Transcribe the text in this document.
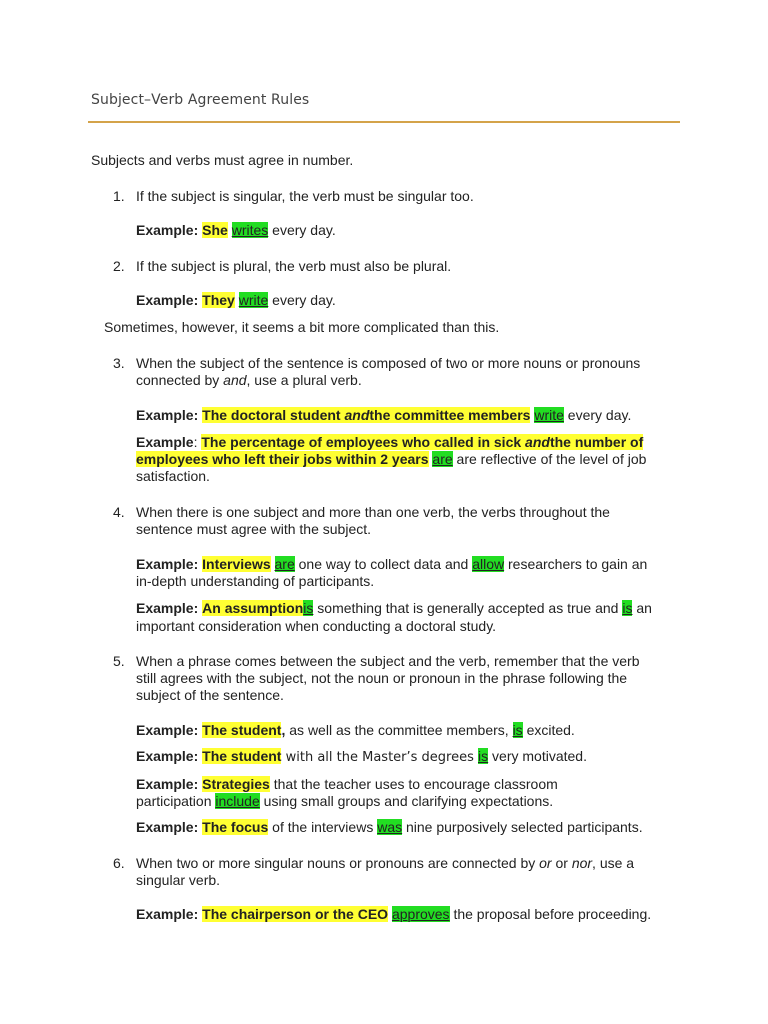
Subject–Verb Agreement Rules
Subjects and verbs must agree in number.
1. If the subject is singular, the verb must be singular too.
Example: She writes every day.
2. If the subject is plural, the verb must also be plural.
Example: They write every day.
Sometimes, however, it seems a bit more complicated than this.
3. When the subject of the sentence is composed of two or more nouns or pronouns
connected by and, use a plural verb.
Example: The doctoral student andthe committee members write every day.
Example: The percentage of employees who called in sick andthe number of
employees who left their jobs within 2 years are are reflective of the level of job
satisfaction.
4. When there is one subject and more than one verb, the verbs throughout the
sentence must agree with the subject.
Example: Interviews are one way to collect data and allow researchers to gain an
in-depth understanding of participants.
Example: An assumptionis something that is generally accepted as true and is an
important consideration when conducting a doctoral study.
5. When a phrase comes between the subject and the verb, remember that the verb
still agrees with the subject, not the noun or pronoun in the phrase following the
subject of the sentence.
Example: The student, as well as the committee members, is excited.
Example: The student with all the Master’s degrees is very motivated.
Example: Strategies that the teacher uses to encourage classroom
participation include using small groups and clarifying expectations.
Example: The focus of the interviews was nine purposively selected participants.
6. When two or more singular nouns or pronouns are connected by or or nor, use a
singular verb.
Example: The chairperson or the CEO approves the proposal before proceeding.
